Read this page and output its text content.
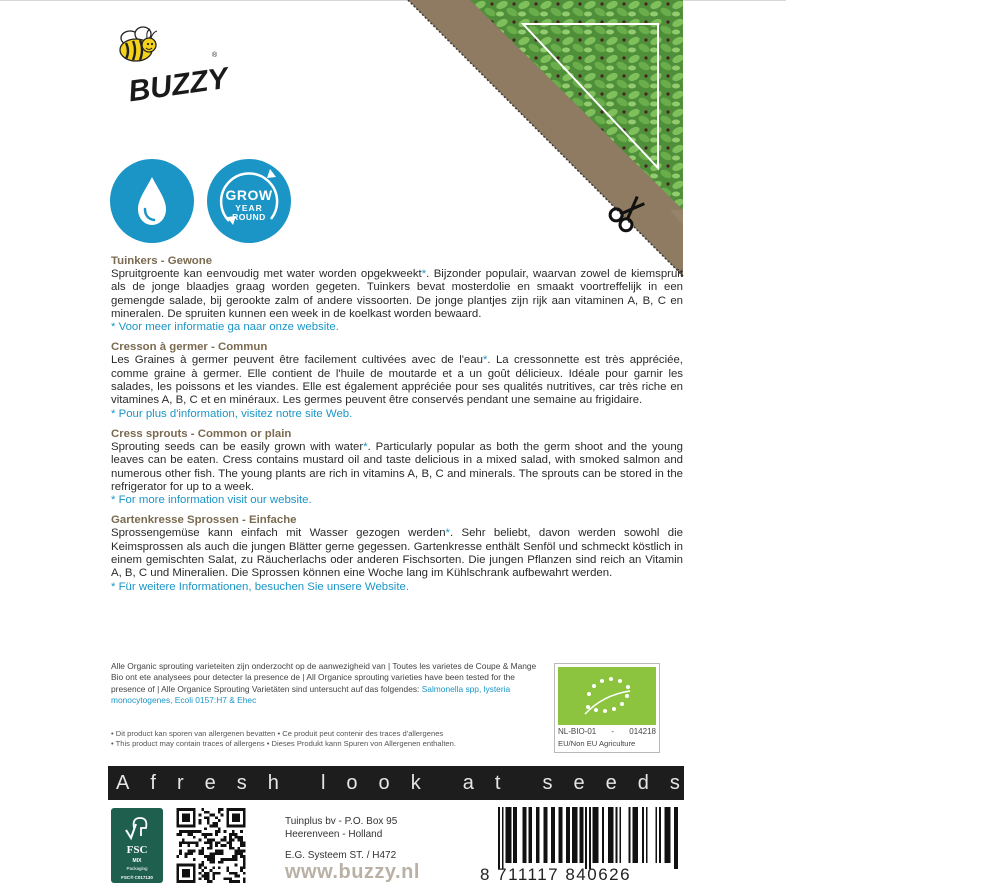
BUZZY
®
GROW
YEAR
ROUND
TUINKERS
Tuinkers - Gewone
Spruitgroente kan eenvoudig met water worden opgekweekt*. Bijzonder populair, waarvan zowel de kiemspruit als de jonge blaadjes graag worden gegeten. Tuinkers bevat mosterdolie en smaakt voortreffelijk in een gemengde salade, bij gerookte zalm of andere vissoorten. De jonge plantjes zijn rijk aan vitaminen A, B, C en mineralen. De spruiten kunnen een week in de koelkast worden bewaard.
* Voor meer informatie ga naar onze website.
Cresson à germer - Commun
Les Graines à germer peuvent être facilement cultivées avec de l'eau*. La cressonnette est très appréciée, comme graine à germer. Elle contient de l'huile de moutarde et a un goût délicieux. Idéale pour garnir les salades, les poissons et les viandes. Elle est également appréciée pour ses qualités nutritives, car très riche en vitamines A, B, C et en minéraux. Les germes peuvent être conservés pendant une semaine au frigidaire.
* Pour plus d'information, visitez notre site Web.
Cress sprouts - Common or plain
Sprouting seeds can be easily grown with water*. Particularly popular as both the germ shoot and the young leaves can be eaten. Cress contains mustard oil and taste delicious in a mixed salad, with smoked salmon and numerous other fish. The young plants are rich in vitamins A, B, C and minerals. The sprouts can be stored in the refrigerator for up to a week.
* For more information visit our website.
Gartenkresse Sprossen - Einfache
Sprossengemüse kann einfach mit Wasser gezogen werden*. Sehr beliebt, davon werden sowohl die Keimsprossen als auch die jungen Blätter gerne gegessen. Gartenkresse enthält Senföl und schmeckt köstlich in einem gemischten Salat, zu Räucherlachs oder anderen Fischsorten. Die jungen Pflanzen sind reich an Vitamin A, B, C und Mineralien. Die Sprossen können eine Woche lang im Kühlschrank aufbewahrt werden.
* Für weitere Informationen, besuchen Sie unsere Website.
Alle Organic sprouting varieteiten zijn onderzocht op de aanwezigheid van | Toutes les varietes de Coupe & Mange Bio ont ete analysees pour detecter la presence de | All Organice sprouting varieties have been tested for the presence of | Alle Organice Sprouting Varietäten sind untersucht auf das folgendes: Salmonella spp, lysteria monocytogenes, Ecoli 0157:H7 & Ehec
• Dit product kan sporen van allergenen bevatten • Ce produit peut contenir des traces d'allergenes
• This product may contain traces of allergens • Dieses Produkt kann Spuren von Allergenen enthalten.
NL-BIO-01 - 014218
EU/Non EU Agriculture
A f r e s h l o o k a t s e e d s
FSC
MIX
Packaging
FSC® C017130
Tuinplus bv - P.O. Box 95
Heerenveen - Holland
E.G. Systeem ST. / H472
www.buzzy.nl	8 711117 840626
